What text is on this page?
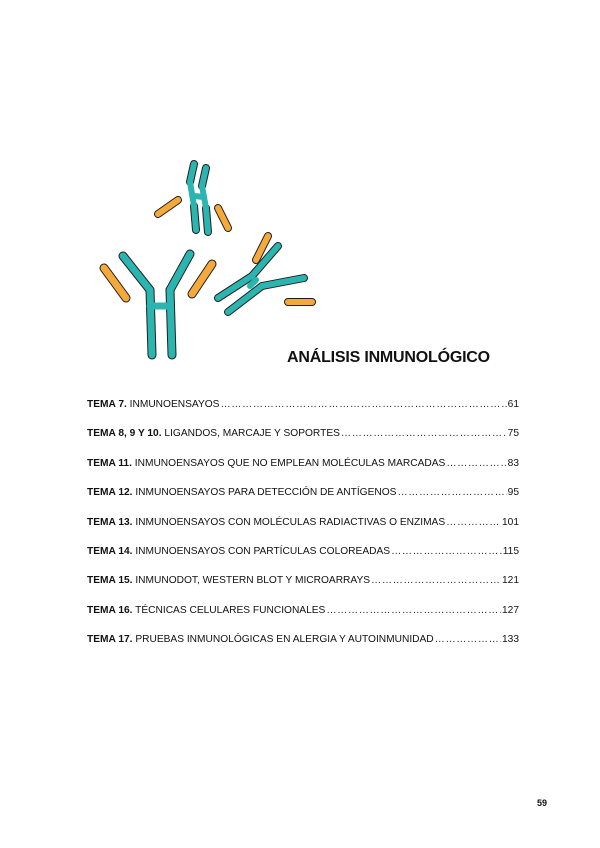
ANÁLISIS INMUNOLÓGICO
TEMA 7. INMUNOENSAYOS ………………………………………………………………………………………………………………………………	61
TEMA 8, 9 Y 10. LIGANDOS, MARCAJE Y SOPORTES ………………………………………………………………………………………………………………………………	75
TEMA 11. INMUNOENSAYOS QUE NO EMPLEAN MOLÉCULAS MARCADAS ………………………………………………………………………………………………………………………………	83
TEMA 12. INMUNOENSAYOS PARA DETECCIÓN DE ANTÍGENOS ………………………………………………………………………………………………………………………………	95
TEMA 13. INMUNOENSAYOS CON MOLÉCULAS RADIACTIVAS O ENZIMAS ………………………………………………………………………………………………………………………………	101
TEMA 14. INMUNOENSAYOS CON PARTÍCULAS COLOREADAS ………………………………………………………………………………………………………………………………	115
TEMA 15. INMUNODOT, WESTERN BLOT Y MICROARRAYS ………………………………………………………………………………………………………………………………	121
TEMA 16. TÉCNICAS CELULARES FUNCIONALES ………………………………………………………………………………………………………………………………	127
TEMA 17. PRUEBAS INMUNOLÓGICAS EN ALERGIA Y AUTOINMUNIDAD ………………………………………………………………………………………………………………………………	133
59
